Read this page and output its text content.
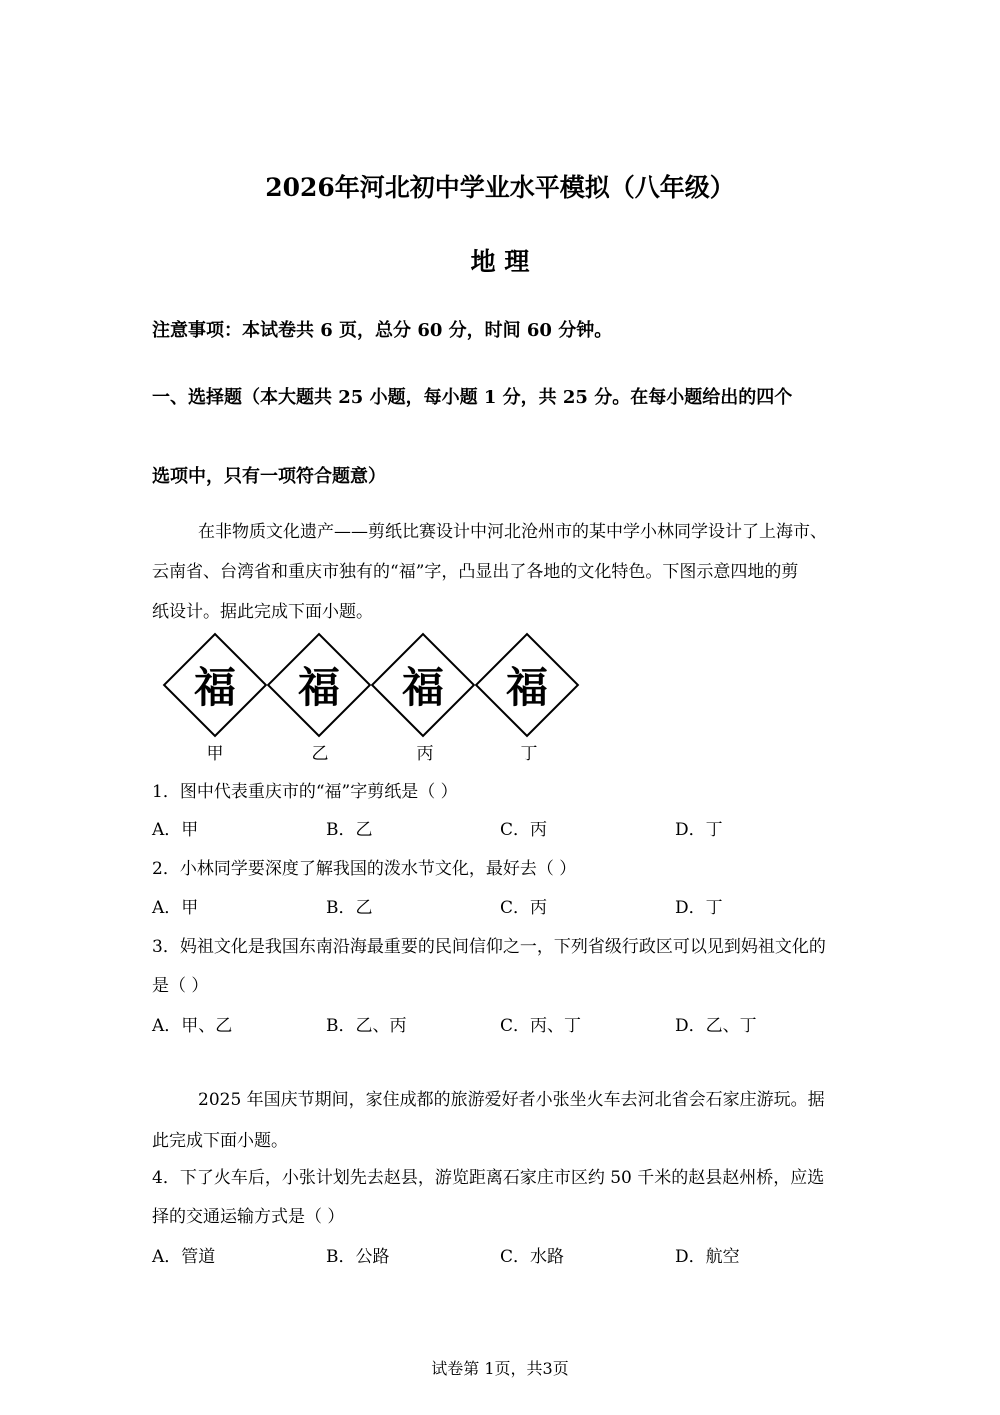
2026年河北初中学业水平模拟（八年级）
地 理
注意事项：本试卷共 6 页，总分 60 分，时间 60 分钟。
一、选择题（本大题共 25 小题，每小题 1 分，共 25 分。在每小题给出的四个
选项中，只有一项符合题意）
在非物质文化遗产——剪纸比赛设计中河北沧州市的某中学小林同学设计了上海市、
云南省、台湾省和重庆市独有的“福”字，凸显出了各地的文化特色。下图示意四地的剪
纸设计。据此完成下面小题。
福	福	福	福
甲	乙	丙	丁
1．图中代表重庆市的“福”字剪纸是（ ）
A．甲	B．乙	C．丙	D．丁
2．小林同学要深度了解我国的泼水节文化，最好去（ ）
A．甲	B．乙	C．丙	D．丁
3．妈祖文化是我国东南沿海最重要的民间信仰之一，下列省级行政区可以见到妈祖文化的
是（ ）
A．甲、乙	B．乙、丙	C．丙、丁	D．乙、丁
2025 年国庆节期间，家住成都的旅游爱好者小张坐火车去河北省会石家庄游玩。据
此完成下面小题。
4．下了火车后，小张计划先去赵县，游览距离石家庄市区约 50 千米的赵县赵州桥，应选
择的交通运输方式是（ ）
A．管道	B．公路	C．水路	D．航空
试卷第 1页，共3页
